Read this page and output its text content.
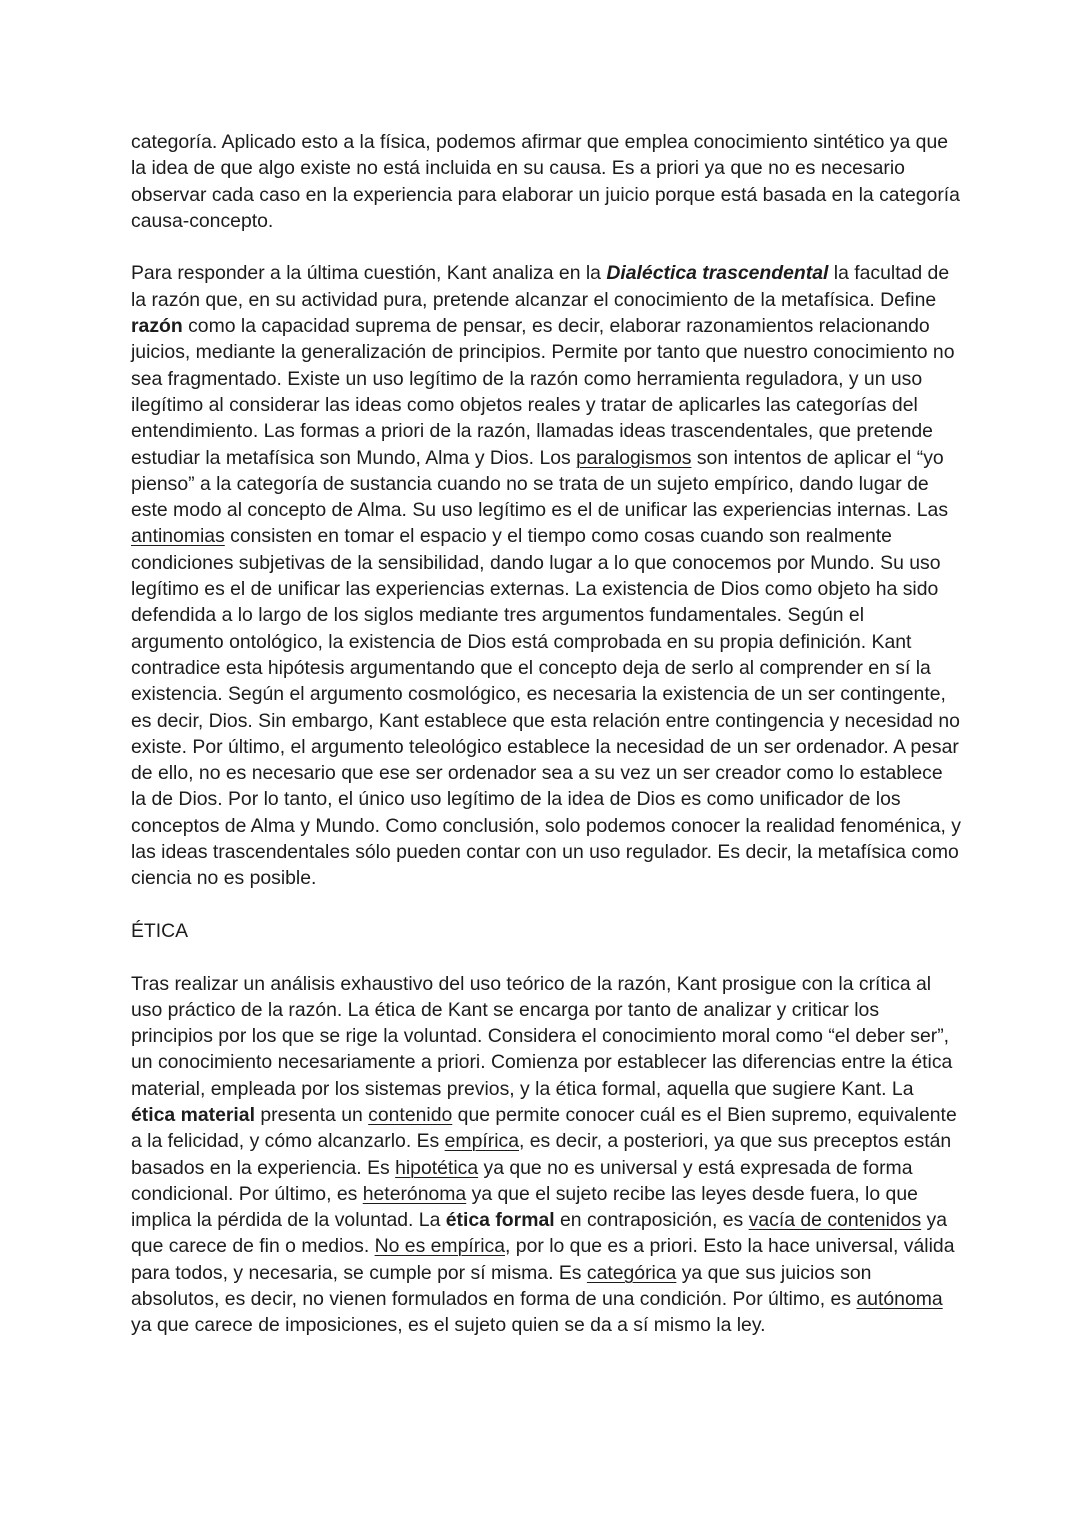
categoría. Aplicado esto a la física, podemos afirmar que emplea conocimiento sintético ya que la idea de que algo existe no está incluida en su causa. Es a priori ya que no es necesario observar cada caso en la experiencia para elaborar un juicio porque está basada en la categoría causa-concepto.

Para responder a la última cuestión, Kant analiza en la Dialéctica trascendental la facultad de la razón que, en su actividad pura, pretende alcanzar el conocimiento de la metafísica. Define razón como la capacidad suprema de pensar, es decir, elaborar razonamientos relacionando juicios, mediante la generalización de principios. Permite por tanto que nuestro conocimiento no sea fragmentado. Existe un uso legítimo de la razón como herramienta reguladora, y un uso ilegítimo al considerar las ideas como objetos reales y tratar de aplicarles las categorías del entendimiento. Las formas a priori de la razón, llamadas ideas trascendentales, que pretende estudiar la metafísica son Mundo, Alma y Dios. Los paralogismos son intentos de aplicar el “yo pienso” a la categoría de sustancia cuando no se trata de un sujeto empírico, dando lugar de este modo al concepto de Alma. Su uso legítimo es el de unificar las experiencias internas. Las antinomias consisten en tomar el espacio y el tiempo como cosas cuando son realmente condiciones subjetivas de la sensibilidad, dando lugar a lo que conocemos por Mundo. Su uso legítimo es el de unificar las experiencias externas. La existencia de Dios como objeto ha sido defendida a lo largo de los siglos mediante tres argumentos fundamentales. Según el argumento ontológico, la existencia de Dios está comprobada en su propia definición. Kant contradice esta hipótesis argumentando que el concepto deja de serlo al comprender en sí la existencia. Según el argumento cosmológico, es necesaria la existencia de un ser contingente, es decir, Dios. Sin embargo, Kant establece que esta relación entre contingencia y necesidad no existe. Por último, el argumento teleológico establece la necesidad de un ser ordenador. A pesar de ello, no es necesario que ese ser ordenador sea a su vez un ser creador como lo establece la de Dios. Por lo tanto, el único uso legítimo de la idea de Dios es como unificador de los conceptos de Alma y Mundo. Como conclusión, solo podemos conocer la realidad fenoménica, y las ideas trascendentales sólo pueden contar con un uso regulador. Es decir, la metafísica como ciencia no es posible.

ÉTICA

Tras realizar un análisis exhaustivo del uso teórico de la razón, Kant prosigue con la crítica al uso práctico de la razón. La ética de Kant se encarga por tanto de analizar y criticar los principios por los que se rige la voluntad. Considera el conocimiento moral como “el deber ser”, un conocimiento necesariamente a priori. Comienza por establecer las diferencias entre la ética material, empleada por los sistemas previos, y la ética formal, aquella que sugiere Kant. La ética material presenta un contenido que permite conocer cuál es el Bien supremo, equivalente a la felicidad, y cómo alcanzarlo. Es empírica, es decir, a posteriori, ya que sus preceptos están basados en la experiencia. Es hipotética ya que no es universal y está expresada de forma condicional. Por último, es heterónoma ya que el sujeto recibe las leyes desde fuera, lo que implica la pérdida de la voluntad. La ética formal en contraposición, es vacía de contenidos ya que carece de fin o medios. No es empírica, por lo que es a priori. Esto la hace universal, válida para todos, y necesaria, se cumple por sí misma. Es categórica ya que sus juicios son absolutos, es decir, no vienen formulados en forma de una condición. Por último, es autónoma ya que carece de imposiciones, es el sujeto quien se da a sí mismo la ley.
